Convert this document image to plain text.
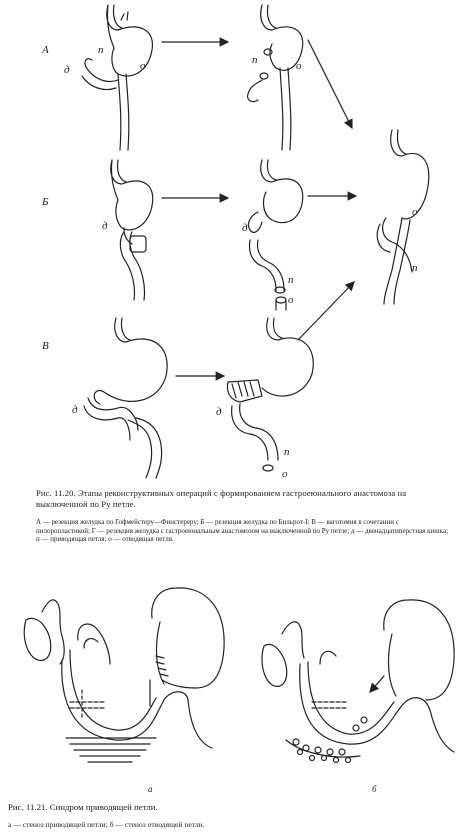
А
Б
В
д
п
о	п	о
д	д
п
о
о
п
д	д
п
о
Рис. 11.20. Этапы реконструктивных операций с формированием гастроеюнального анастомоза на выключенной по Ру петле.
А — резекция желудка по Гофмейстеру—Финстереру; Б — резекция желудка по Бильрот-I; В — ваготомия в сочетании с пилоропластикой; Г — резекция желудка с гастроеюнальным анастомозом на выключенной по Ру петле; д — двенадцатиперстная кишка; п — приводящая петля; о — отводящая петля.
а	б
Рис. 11.21. Синдром приводящей петли.
а — стеноз приводящей петли; б — стеноз отводящей петли.
